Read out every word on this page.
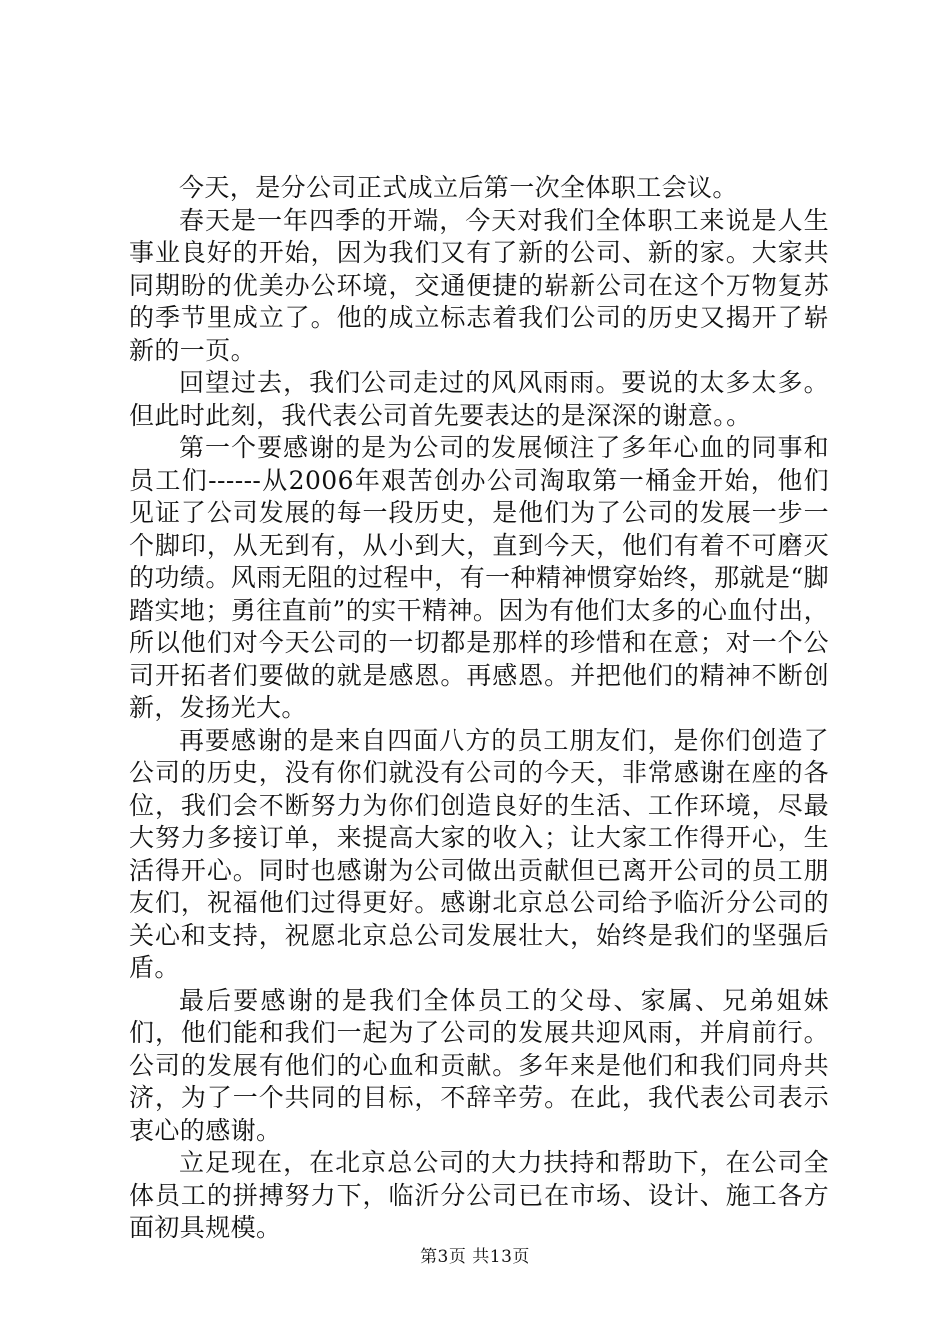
今天，是分公司正式成立后第一次全体职工会议。

春天是一年四季的开端，今天对我们全体职工来说是人生事业良好的开始，因为我们又有了新的公司、新的家。大家共同期盼的优美办公环境，交通便捷的崭新公司在这个万物复苏的季节里成立了。他的成立标志着我们公司的历史又揭开了崭新的一页。

回望过去，我们公司走过的风风雨雨。要说的太多太多。但此时此刻，我代表公司首先要表达的是深深的谢意。。

第一个要感谢的是为公司的发展倾注了多年心血的同事和员工们------从2006年艰苦创办公司淘取第一桶金开始，他们见证了公司发展的每一段历史，是他们为了公司的发展一步一个脚印，从无到有，从小到大，直到今天，他们有着不可磨灭的功绩。风雨无阻的过程中，有一种精神惯穿始终，那就是“脚踏实地；勇往直前”的实干精神。因为有他们太多的心血付出，所以他们对今天公司的一切都是那样的珍惜和在意；对一个公司开拓者们要做的就是感恩。再感恩。并把他们的精神不断创新，发扬光大。

再要感谢的是来自四面八方的员工朋友们，是你们创造了公司的历史，没有你们就没有公司的今天，非常感谢在座的各位，我们会不断努力为你们创造良好的生活、工作环境，尽最大努力多接订单，来提高大家的收入；让大家工作得开心，生活得开心。同时也感谢为公司做出贡献但已离开公司的员工朋友们，祝福他们过得更好。感谢北京总公司给予临沂分公司的关心和支持，祝愿北京总公司发展壮大，始终是我们的坚强后盾。

最后要感谢的是我们全体员工的父母、家属、兄弟姐妹们，他们能和我们一起为了公司的发展共迎风雨，并肩前行。公司的发展有他们的心血和贡献。多年来是他们和我们同舟共济，为了一个共同的目标，不辞辛劳。在此，我代表公司表示衷心的感谢。

立足现在，在北京总公司的大力扶持和帮助下，在公司全体员工的拼搏努力下，临沂分公司已在市场、设计、施工各方面初具规模。

第3页 共13页
